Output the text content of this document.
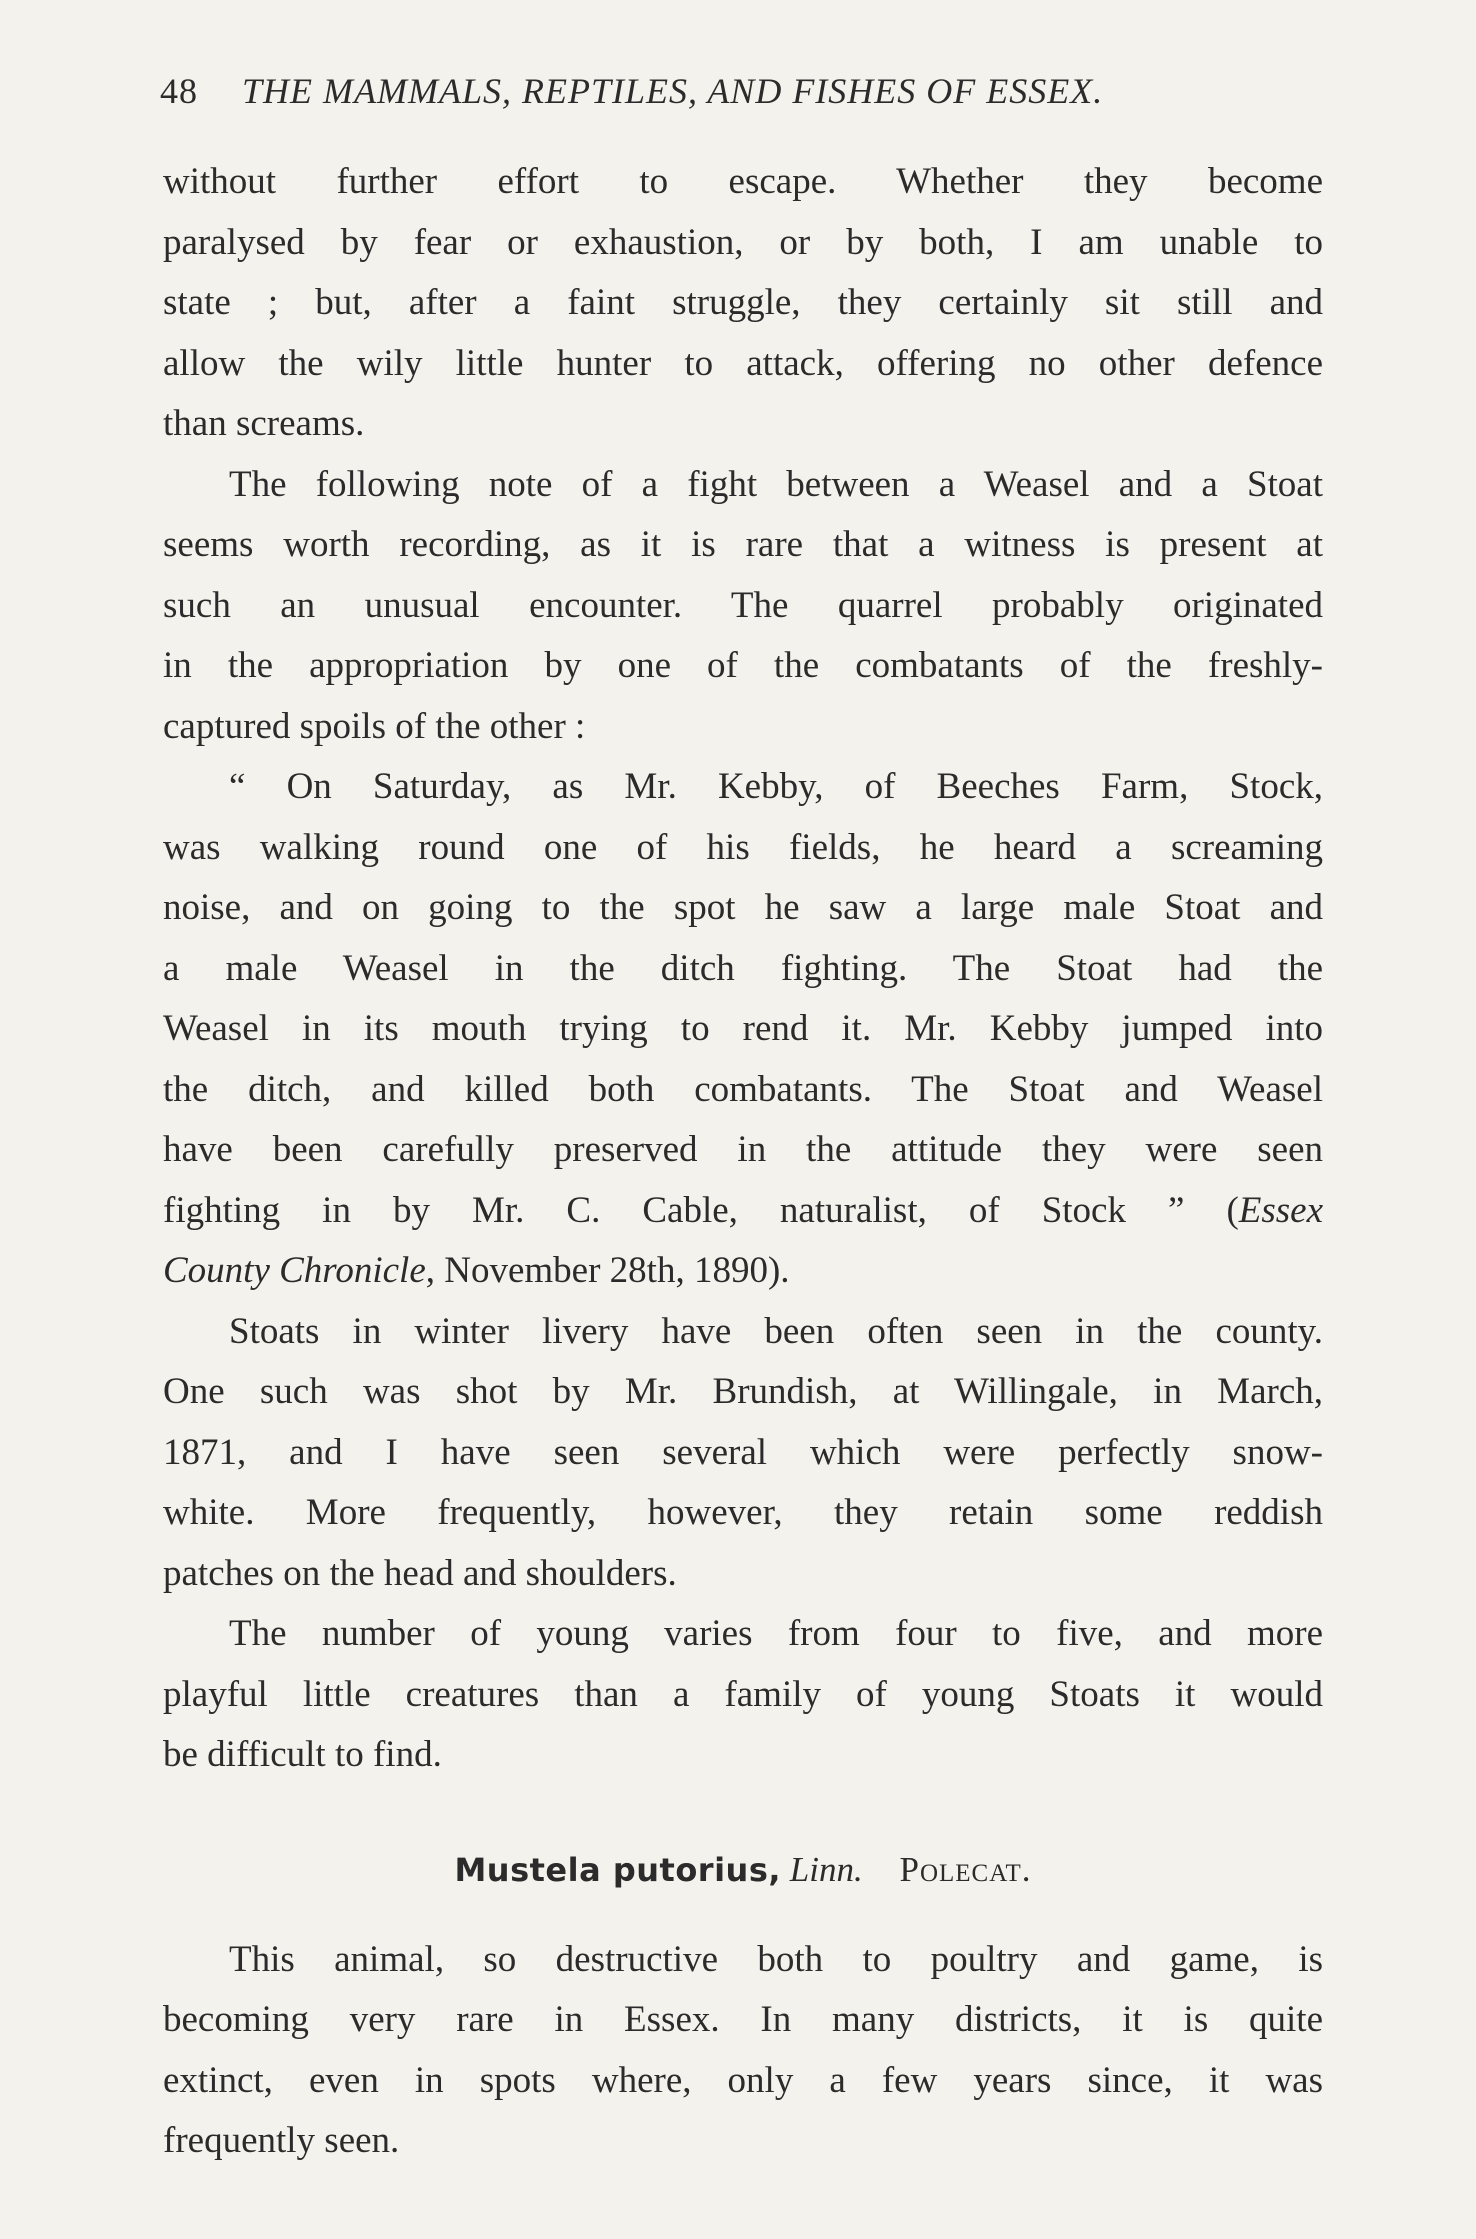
48 THE MAMMALS, REPTILES, AND FISHES OF ESSEX.
without further effort to escape. Whether they become
paralysed by fear or exhaustion, or by both, I am unable to
state ; but, after a faint struggle, they certainly sit still and
allow the wily little hunter to attack, offering no other defence
than screams.
The following note of a fight between a Weasel and a Stoat
seems worth recording, as it is rare that a witness is present at
such an unusual encounter. The quarrel probably originated
in the appropriation by one of the combatants of the freshly-
captured spoils of the other :
“ On Saturday, as Mr. Kebby, of Beeches Farm, Stock,
was walking round one of his fields, he heard a screaming
noise, and on going to the spot he saw a large male Stoat and
a male Weasel in the ditch fighting. The Stoat had the
Weasel in its mouth trying to rend it. Mr. Kebby jumped into
the ditch, and killed both combatants. The Stoat and Weasel
have been carefully preserved in the attitude they were seen
fighting in by Mr. C. Cable, naturalist, of Stock ” (Essex
County Chronicle, November 28th, 1890).
Stoats in winter livery have been often seen in the county.
One such was shot by Mr. Brundish, at Willingale, in March,
1871, and I have seen several which were perfectly snow-
white. More frequently, however, they retain some reddish
patches on the head and shoulders.
The number of young varies from four to five, and more
playful little creatures than a family of young Stoats it would
be difficult to find.
Mustela putorius, Linn. Polecat.
This animal, so destructive both to poultry and game, is
becoming very rare in Essex. In many districts, it is quite
extinct, even in spots where, only a few years since, it was
frequently seen.
